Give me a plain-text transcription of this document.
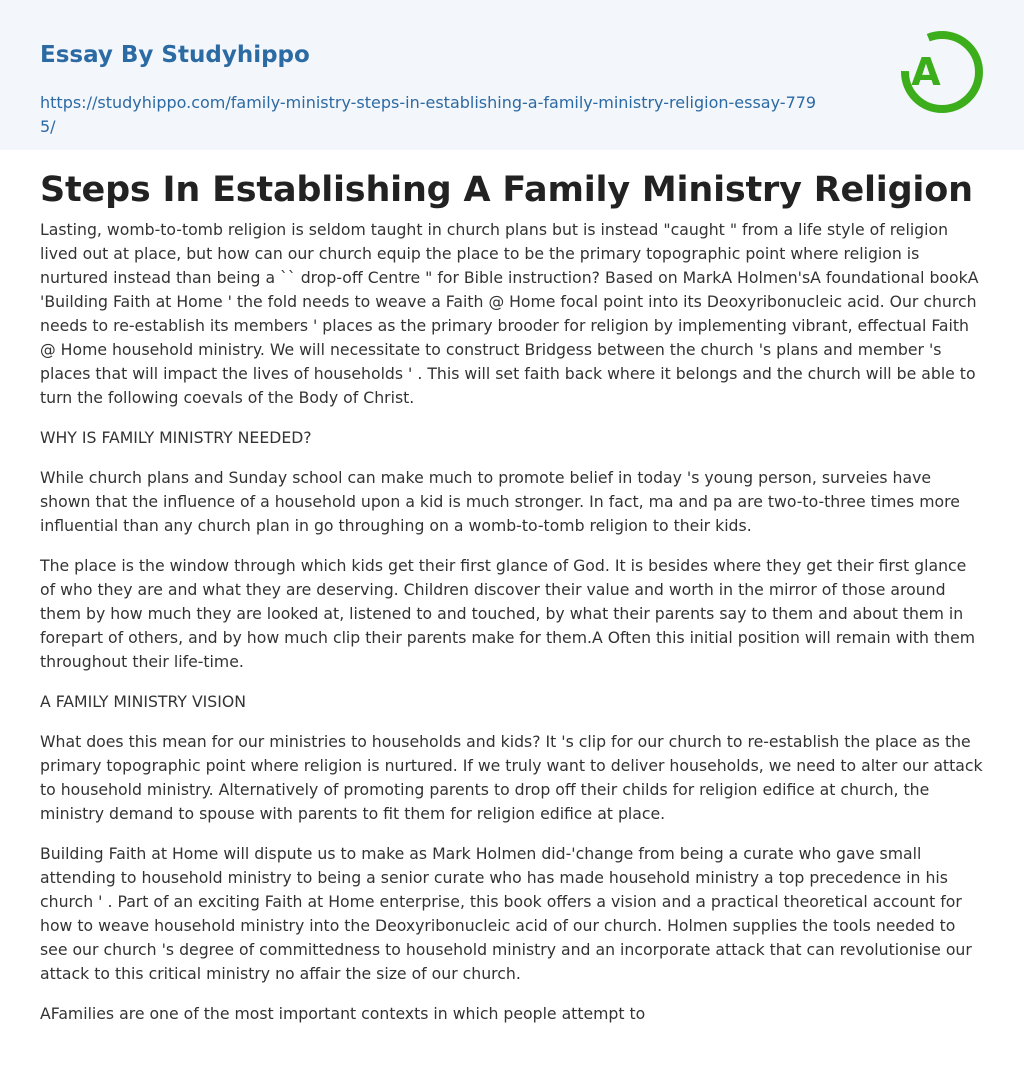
Essay By Studyhippo
https://studyhippo.com/family-ministry-steps-in-establishing-a-family-ministry-religion-essay-7795/
A
Steps In Establishing A Family Ministry Religion

Lasting, womb-to-tomb religion is seldom taught in church plans but is instead "caught " from a life style of religion lived out at place, but how can our church equip the place to be the primary topographic point where religion is nurtured instead than being a `` drop-off Centre " for Bible instruction? Based on MarkA Holmen'sA foundational bookA 'Building Faith at Home ' the fold needs to weave a Faith @ Home focal point into its Deoxyribonucleic acid. Our church needs to re-establish its members ' places as the primary brooder for religion by implementing vibrant, effectual Faith @ Home household ministry. We will necessitate to construct Bridgess between the church 's plans and member 's places that will impact the lives of households ' . This will set faith back where it belongs and the church will be able to turn the following coevals of the Body of Christ.

WHY IS FAMILY MINISTRY NEEDED?

While church plans and Sunday school can make much to promote belief in today 's young person, surveies have shown that the influence of a household upon a kid is much stronger. In fact, ma and pa are two-to-three times more influential than any church plan in go throughing on a womb-to-tomb religion to their kids.

The place is the window through which kids get their first glance of God. It is besides where they get their first glance of who they are and what they are deserving. Children discover their value and worth in the mirror of those around them by how much they are looked at, listened to and touched, by what their parents say to them and about them in forepart of others, and by how much clip their parents make for them.A Often this initial position will remain with them throughout their life-time.

A FAMILY MINISTRY VISION

What does this mean for our ministries to households and kids? It 's clip for our church to re-establish the place as the primary topographic point where religion is nurtured. If we truly want to deliver households, we need to alter our attack to household ministry. Alternatively of promoting parents to drop off their childs for religion edifice at church, the ministry demand to spouse with parents to fit them for religion edifice at place.

Building Faith at Home will dispute us to make as Mark Holmen did-'change from being a curate who gave small attending to household ministry to being a senior curate who has made household ministry a top precedence in his church ' . Part of an exciting Faith at Home enterprise, this book offers a vision and a practical theoretical account for how to weave household ministry into the Deoxyribonucleic acid of our church. Holmen supplies the tools needed to see our church 's degree of committedness to household ministry and an incorporate attack that can revolutionise our attack to this critical ministry no affair the size of our church.

AFamilies are one of the most important contexts in which people attempt to
